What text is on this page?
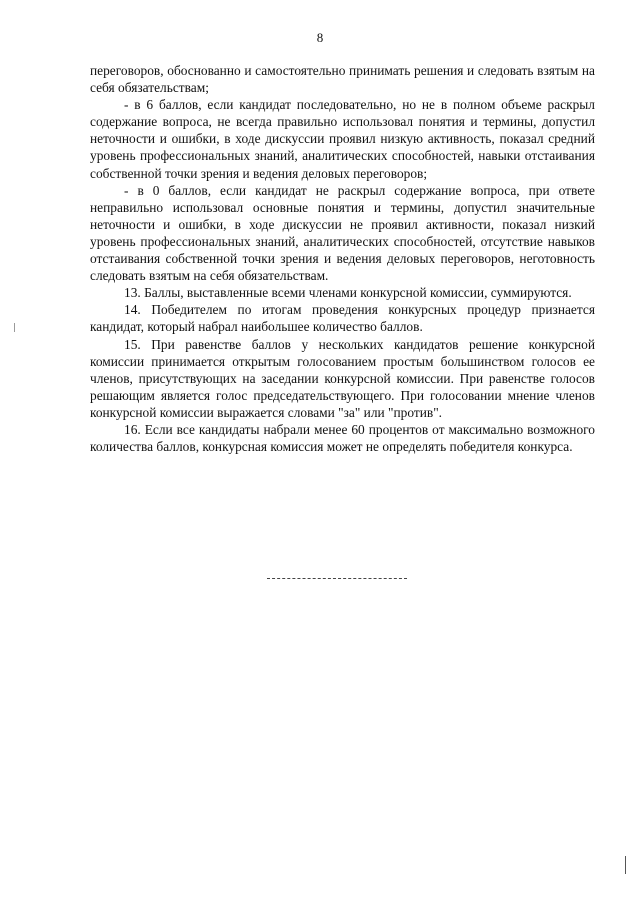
8

переговоров, обоснованно и самостоятельно принимать решения и следовать взятым на себя обязательствам;

- в 6 баллов, если кандидат последовательно, но не в полном объеме раскрыл содержание вопроса, не всегда правильно использовал понятия и термины, допустил неточности и ошибки, в ходе дискуссии проявил низкую активность, показал средний уровень профессиональных знаний, аналитических способностей, навыки отстаивания собственной точки зрения и ведения деловых переговоров;

- в 0 баллов, если кандидат не раскрыл содержание вопроса, при ответе неправильно использовал основные понятия и термины, допустил значительные неточности и ошибки, в ходе дискуссии не проявил активности, показал низкий уровень профессиональных знаний, аналитических способностей, отсутствие навыков отстаивания собственной точки зрения и ведения деловых переговоров, неготовность следовать взятым на себя обязательствам.

13. Баллы, выставленные всеми членами конкурсной комиссии, суммируются.

14. Победителем по итогам проведения конкурсных процедур признается кандидат, который набрал наибольшее количество баллов.

15. При равенстве баллов у нескольких кандидатов решение конкурсной комиссии принимается открытым голосованием простым большинством голосов ее членов, присутствующих на заседании конкурсной комиссии. При равенстве голосов решающим является голос председательствующего. При голосовании мнение членов конкурсной комиссии выражается словами "за" или "против".

16. Если все кандидаты набрали менее 60 процентов от максимально возможного количества баллов, конкурсная комиссия может не определять победителя конкурса.
